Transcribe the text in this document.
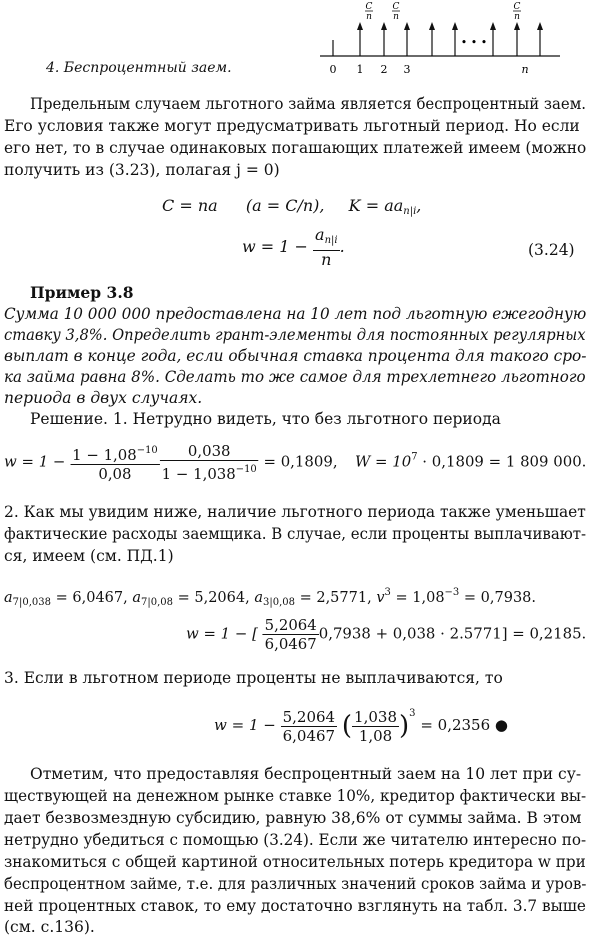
C
n
C
n
C
n
• • •
0 1 2 3	n
4. Беспроцентный заем.
Предельным случаем льготного займа является беспроцентный заем.
Его условия также могут предусматривать льготный период. Но если
его нет, то в случае одинаковых погашающих платежей имеем (можно
получить из (3.23), полагая j = 0)
C = na (a = C/n), $K = aa_{n|i}$,
$w = 1 - \frac{a_{n|i}}{n}$ .	(3.24)
Пример 3.8
Сумма 10 000 000 предоставлена на 10 лет под льготную ежегодную
ставку 3,8%. Определить грант-элементы для постоянных регулярных
выплат в конце года, если обычная ставка процента для такого сро-
ка займа равна 8%. Сделать то же самое для трехлетнего льготного
периода в двух случаях.
Решение. 1. Нетрудно видеть, что без льготного периода
$w = 1 - \frac{1 - 1,08^{-10}}{0,08} \frac{0,038}{1 - 1,038^{-10}} = 0,1809$, $W = 10^7 \cdot 0,1809 = 1$ 809 000.
2. Как мы увидим ниже, наличие льготного периода также уменьшает
фактические расходы заемщика. В случае, если проценты выплачивают-
ся, имеем (см. ПД.1)
$a_{7|0,038} = 6,0467$, $a_{7|0,08} = 5,2064$, $a_{3|0,08} = 2,5771$, $v^3 = 1,08^{-3} = 0,7938$.
w = 1 − [ $\frac{5,2064}{6,0467} 0,7938 + 0,038 \cdot 2.5771] = 0,2185$.
3. Если в льготном периоде проценты не выплачиваются, то
$w = 1 - \frac{5,2064}{6,0467}$ ( $\frac{1,038}{1,08} )^3 = 0,2356$ ●
Отметим, что предоставляя беспроцентный заем на 10 лет при су-
ществующей на денежном рынке ставке 10%, кредитор фактически вы-
дает безвозмездную субсидию, равную 38,6% от суммы займа. В этом
нетрудно убедиться с помощью (3.24). Если же читателю интересно по-
знакомиться с общей картиной относительных потерь кредитора w при
беспроцентном займе, т.е. для различных значений сроков займа и уров-
ней процентных ставок, то ему достаточно взглянуть на табл. 3.7 выше
(см. с.136).
